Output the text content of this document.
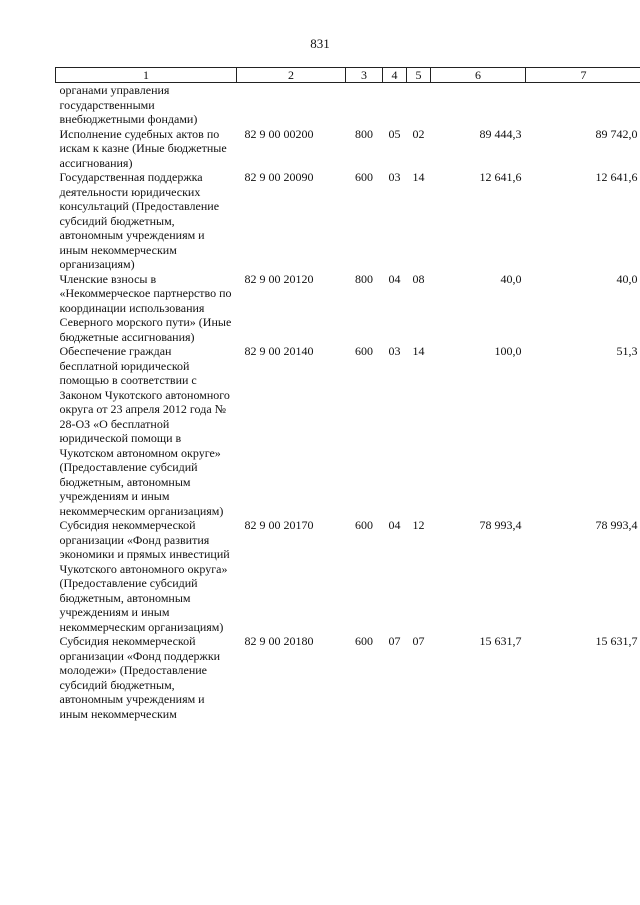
831
1	2	3	4	5	6	7
органами управления государственными внебюджетными фондами)						
Исполнение судебных актов по искам к казне (Иные бюджетные ассигнования)	82 9 00 00200	800	05	02	89 444,3	89 742,0
Государственная поддержка деятельности юридических консультаций (Предоставление субсидий бюджетным, автономным учреждениям и иным некоммерческим организациям)	82 9 00 20090	600	03	14	12 641,6	12 641,6
Членские взносы в «Некоммерческое партнерство по координации использования Северного морского пути» (Иные бюджетные ассигнования)	82 9 00 20120	800	04	08	40,0	40,0
Обеспечение граждан бесплатной юридической помощью в соответствии с Законом Чукотского автономного округа от 23 апреля 2012 года № 28-ОЗ «О бесплатной юридической помощи в Чукотском автономном округе» (Предоставление субсидий бюджетным, автономным учреждениям и иным некоммерческим организациям)	82 9 00 20140	600	03	14	100,0	51,3
Субсидия некоммерческой организации «Фонд развития экономики и прямых инвестиций Чукотского автономного округа» (Предоставление субсидий бюджетным, автономным учреждениям и иным некоммерческим организациям)	82 9 00 20170	600	04	12	78 993,4	78 993,4
Субсидия некоммерческой организации «Фонд поддержки молодежи» (Предоставление субсидий бюджетным, автономным учреждениям и иным некоммерческим	82 9 00 20180	600	07	07	15 631,7	15 631,7
